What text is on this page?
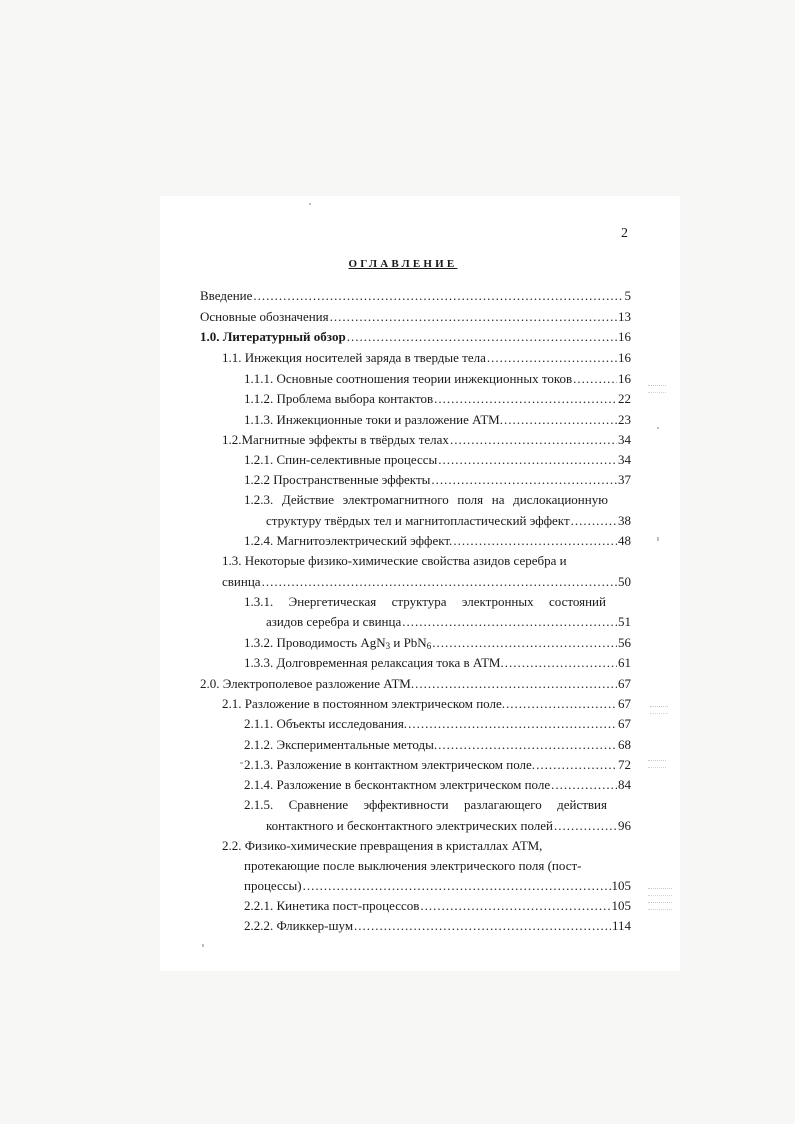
2
ОГЛАВЛЕНИЕ
Введение .....	5
Основные обозначения .....	13
1.0. Литературный обзор .....	16
1.1. Инжекция носителей заряда в твердые тела .....	16
1.1.1. Основные соотношения теории инжекционных токов .....	16
1.1.2. Проблема выбора контактов .....	22
1.1.3. Инжекционные токи и разложение АТМ. .....	23
1.2.Магнитные эффекты в твёрдых телах .....	34
1.2.1. Спин-селективные процессы .....	34
1.2.2 Пространственные эффекты .....	37
1.2.3. Действие электромагнитного поля на дислокационную
структуру твёрдых тел и магнитопластический эффект .....	38
1.2.4. Магнитоэлектрический эффект. .....	48
1.3. Некоторые физико-химические свойства азидов серебра и
свинца .....	50
1.3.1. Энергетическая структура электронных состояний
азидов серебра и свинца .....	51
1.3.2. Проводимость AgN$_3$ и PbN$_6$ .....	56
1.3.3. Долговременная релаксация тока в АТМ. .....	61
2.0. Электрополевое разложение АТМ. .....	67
2.1. Разложение в постоянном электрическом поле. .....	67
2.1.1. Объекты исследования. .....	67
2.1.2. Экспериментальные методы. .....	68
2.1.3. Разложение в контактном электрическом поле. .....	72
2.1.4. Разложение в бесконтактном электрическом поле .....	84
2.1.5. Сравнение эффективности разлагающего действия
контактного и бесконтактного электрических полей .....	96
2.2. Физико-химические превращения в кристаллах АТМ,
протекающие после выключения электрического поля (пост-
процессы) .....	105
2.2.1. Кинетика пост-процессов .....	105
2.2.2. Фликкер-шум .....	114
